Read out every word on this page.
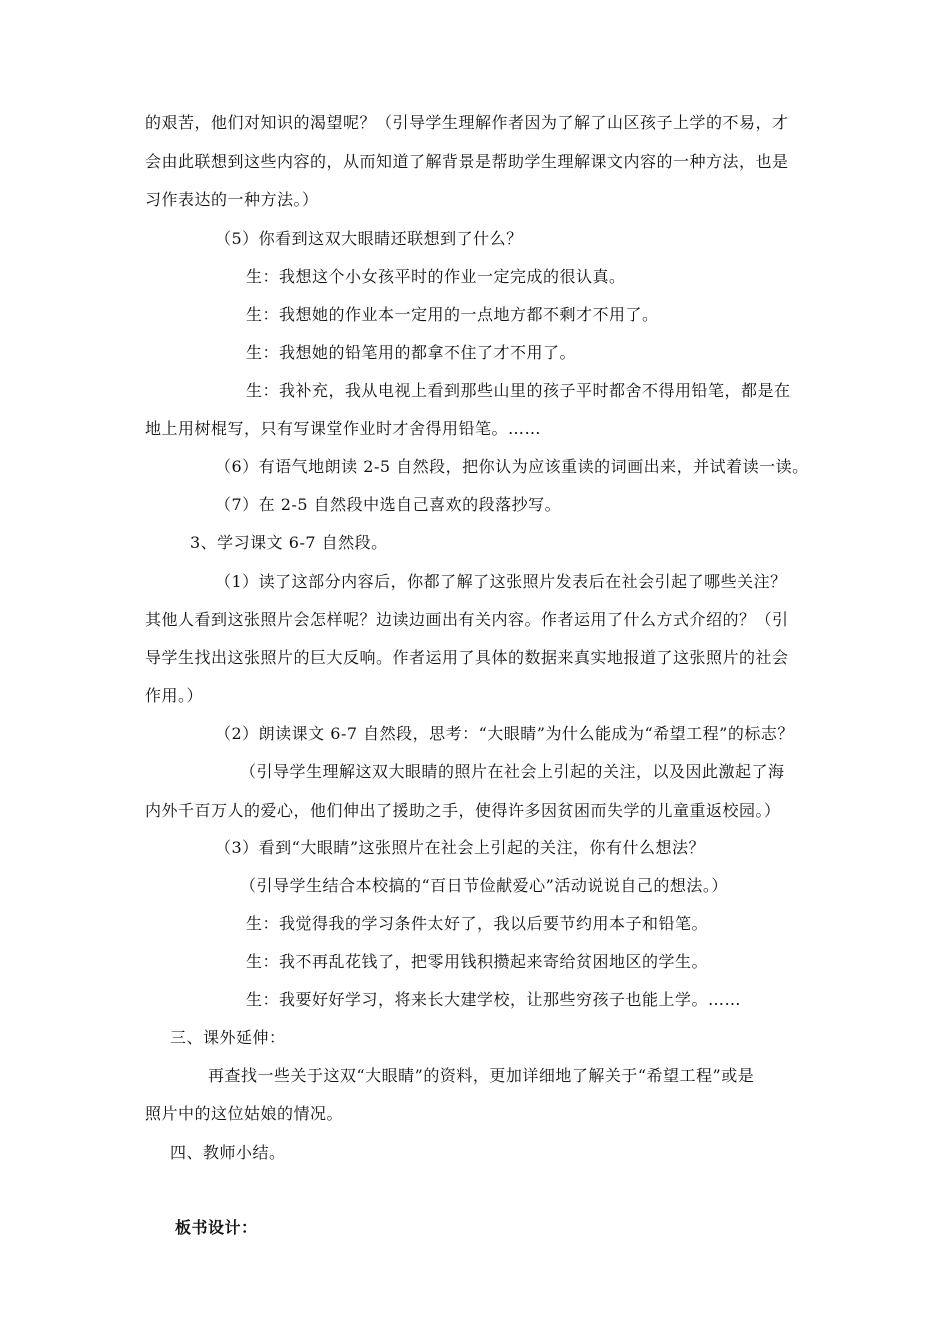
的艰苦，他们对知识的渴望呢？（引导学生理解作者因为了解了山区孩子上学的不易，才
会由此联想到这些内容的，从而知道了解背景是帮助学生理解课文内容的一种方法，也是
习作表达的一种方法。）
（5）你看到这双大眼睛还联想到了什么？
生：我想这个小女孩平时的作业一定完成的很认真。
生：我想她的作业本一定用的一点地方都不剩才不用了。
生：我想她的铅笔用的都拿不住了才不用了。
生：我补充，我从电视上看到那些山里的孩子平时都舍不得用铅笔，都是在
地上用树棍写，只有写课堂作业时才舍得用铅笔。……
（6）有语气地朗读 2-5 自然段，把你认为应该重读的词画出来，并试着读一读。
（7）在 2-5 自然段中选自己喜欢的段落抄写。
3、学习课文 6-7 自然段。
（1）读了这部分内容后，你都了解了这张照片发表后在社会引起了哪些关注？
其他人看到这张照片会怎样呢？边读边画出有关内容。作者运用了什么方式介绍的？（引
导学生找出这张照片的巨大反响。作者运用了具体的数据来真实地报道了这张照片的社会
作用。）
（2）朗读课文 6-7 自然段，思考：“大眼睛”为什么能成为“希望工程”的标志？
（引导学生理解这双大眼睛的照片在社会上引起的关注，以及因此激起了海
内外千百万人的爱心，他们伸出了援助之手，使得许多因贫困而失学的儿童重返校园。）
（3）看到“大眼睛”这张照片在社会上引起的关注，你有什么想法？
（引导学生结合本校搞的“百日节俭献爱心”活动说说自己的想法。）
生：我觉得我的学习条件太好了，我以后要节约用本子和铅笔。
生：我不再乱花钱了，把零用钱积攒起来寄给贫困地区的学生。
生：我要好好学习，将来长大建学校，让那些穷孩子也能上学。……
三、课外延伸：
再查找一些关于这双“大眼睛”的资料，更加详细地了解关于“希望工程”或是
照片中的这位姑娘的情况。
四、教师小结。
板书设计：
